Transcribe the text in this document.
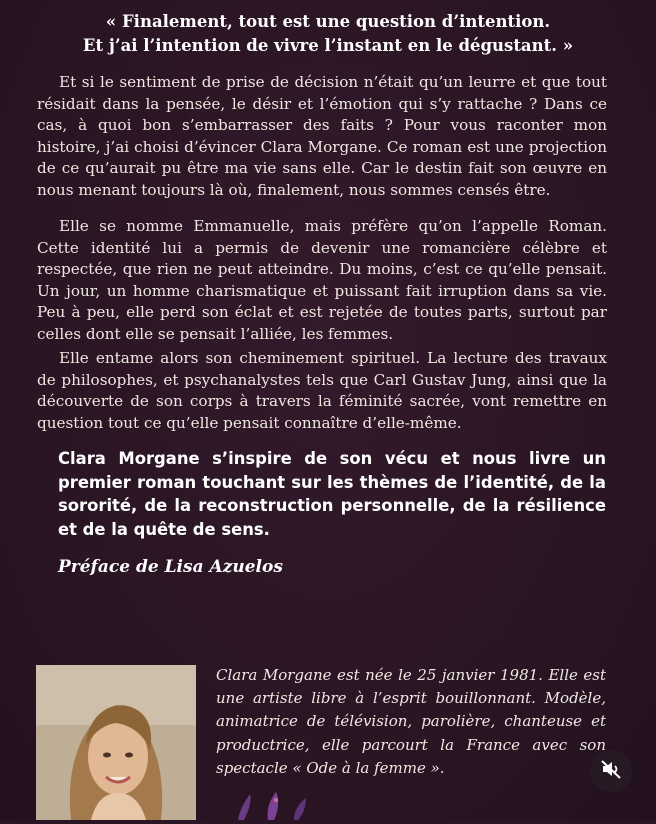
« Finalement, tout est une question d’intention.
Et j’ai l’intention de vivre l’instant en le dégustant. »
Et si le sentiment de prise de décision n’était qu’un leurre et que tout résidait dans la pensée, le désir et l’émotion qui s’y rattache ? Dans ce cas, à quoi bon s’embarrasser des faits ? Pour vous raconter mon histoire, j’ai choisi d’évincer Clara Morgane. Ce roman est une projection de ce qu’aurait pu être ma vie sans elle. Car le destin fait son œuvre en nous menant toujours là où, finalement, nous sommes censés être.
Elle se nomme Emmanuelle, mais préfère qu’on l’appelle Roman. Cette identité lui a permis de devenir une romancière célèbre et respectée, que rien ne peut atteindre. Du moins, c’est ce qu’elle pensait. Un jour, un homme charismatique et puissant fait irruption dans sa vie. Peu à peu, elle perd son éclat et est rejetée de toutes parts, surtout par celles dont elle se pensait l’alliée, les femmes.
Elle entame alors son cheminement spirituel. La lecture des travaux de philosophes, et psychanalystes tels que Carl Gustav Jung, ainsi que la découverte de son corps à travers la féminité sacrée, vont remettre en question tout ce qu’elle pensait connaître d’elle-même.
Clara Morgane s’inspire de son vécu et nous livre un premier roman touchant sur les thèmes de l’identité, de la sororité, de la reconstruction personnelle, de la résilience et de la quête de sens.
Préface de Lisa Azuelos
Clara Morgane est née le 25 janvier 1981. Elle est une artiste libre à l’esprit bouillonnant. Modèle, animatrice de télévision, parolière, chanteuse et productrice, elle parcourt la France avec son spectacle « Ode à la femme ».
